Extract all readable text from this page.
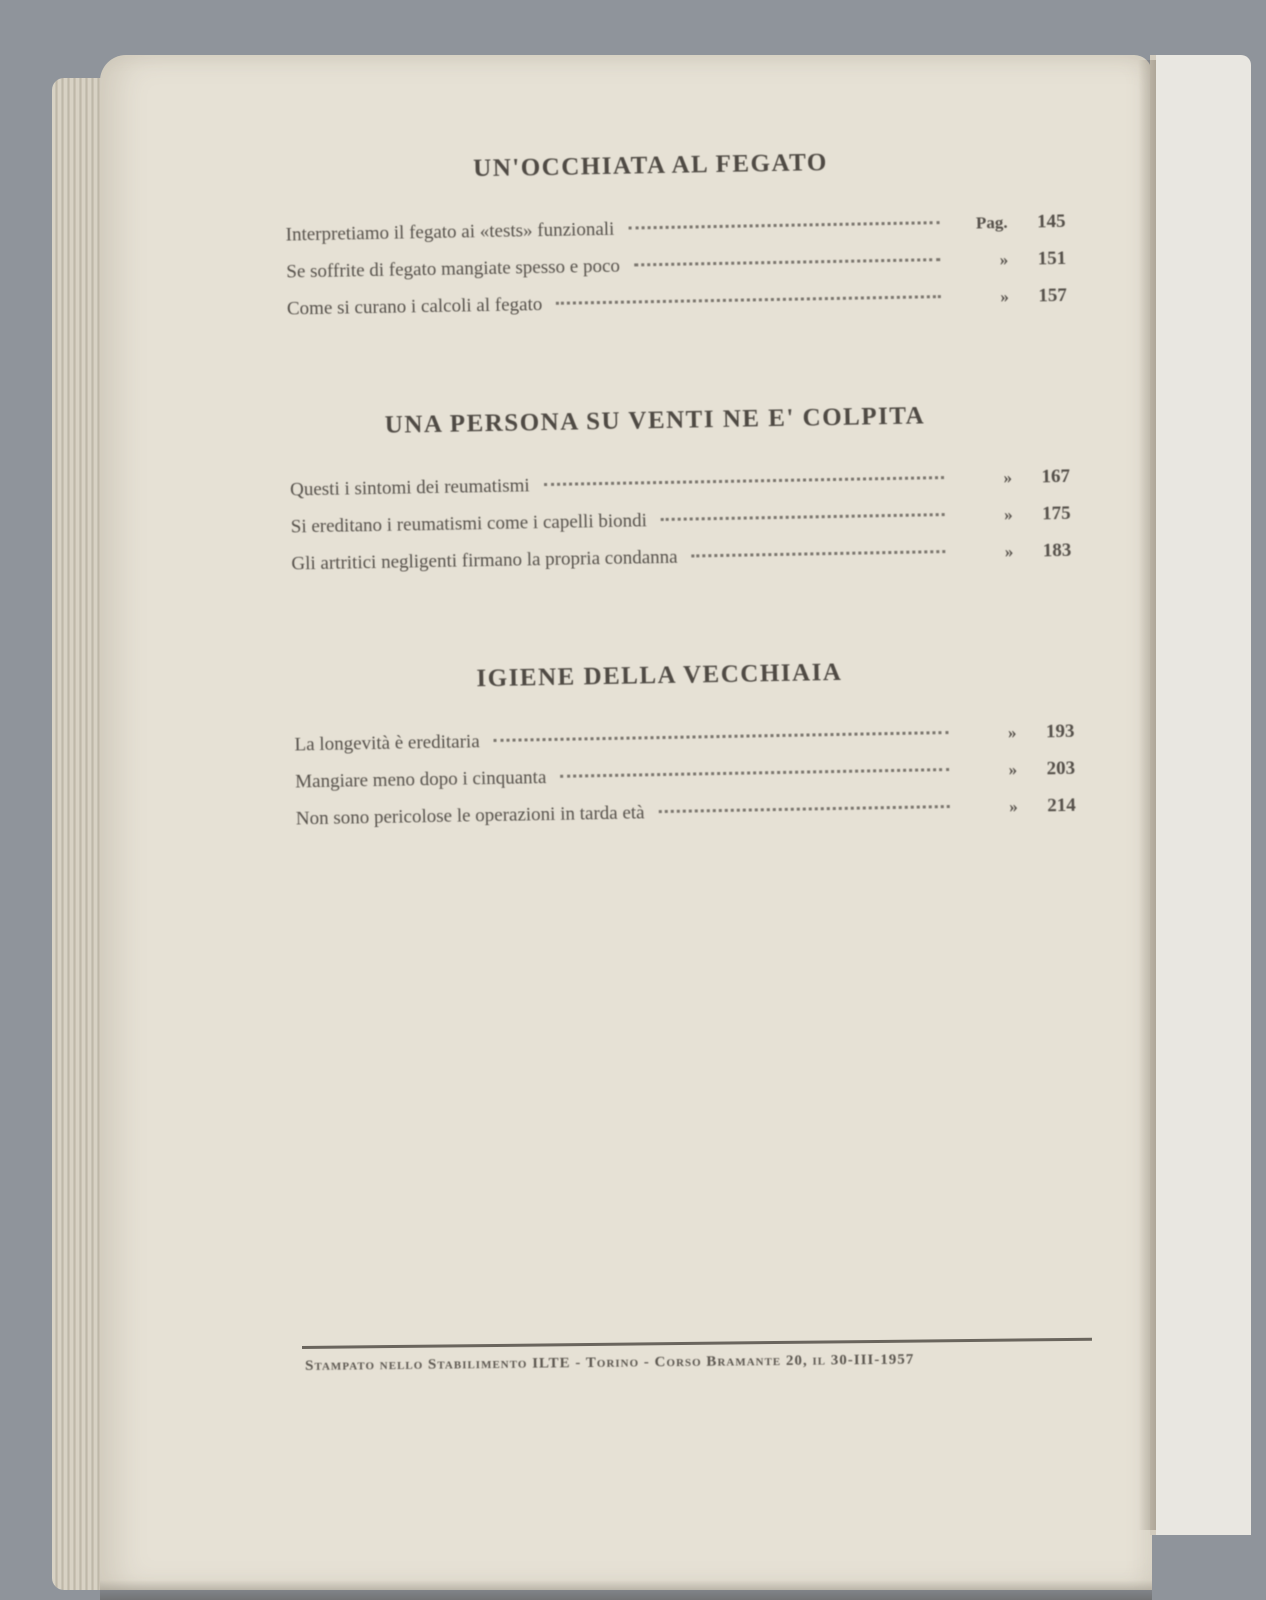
UN'OCCHIATA AL FEGATO
Interpretiamo il fegato ai «tests» funzionali	Pag.	145
Se soffrite di fegato mangiate spesso e poco	»	151
Come si curano i calcoli al fegato	»	157
UNA PERSONA SU VENTI NE E' COLPITA
Questi i sintomi dei reumatismi	»	167
Si ereditano i reumatismi come i capelli biondi	»	175
Gli artritici negligenti firmano la propria condanna	»	183
IGIENE DELLA VECCHIAIA
La longevità è ereditaria	»	193
Mangiare meno dopo i cinquanta	»	203
Non sono pericolose le operazioni in tarda età	»	214
Stampato nello Stabilimento ILTE - Torino - Corso Bramante 20, il 30-III-1957
